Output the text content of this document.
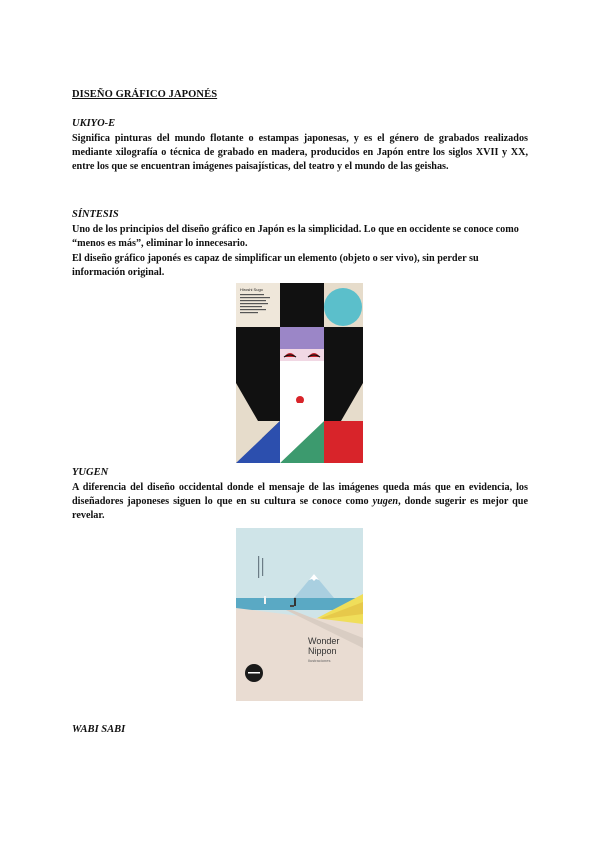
DISEÑO GRÁFICO JAPONÉS
UKIYO-E

Significa pinturas del mundo flotante o estampas japonesas, y es el género de grabados realizados mediante xilografía o técnica de grabado en madera, producidos en Japón entre los siglos XVII y XX, entre los que se encuentran imágenes paisajísticas, del teatro y el mundo de las geishas.

SÍNTESIS

Uno de los principios del diseño gráfico en Japón es la simplicidad. Lo que en occidente se conoce como “menos es más”, eliminar lo innecesario.

El diseño gráfico japonés es capaz de simplificar un elemento (objeto o ser vivo), sin perder su información original.

Hiroshi Sugo
YUGEN

A diferencia del diseño occidental donde el mensaje de las imágenes queda más que en evidencia, los diseñadores japoneses siguen lo que en su cultura se conoce como yugen, donde sugerir es mejor que revelar.

Wonder
Nippon
Ilustraciones
WABI SABI
